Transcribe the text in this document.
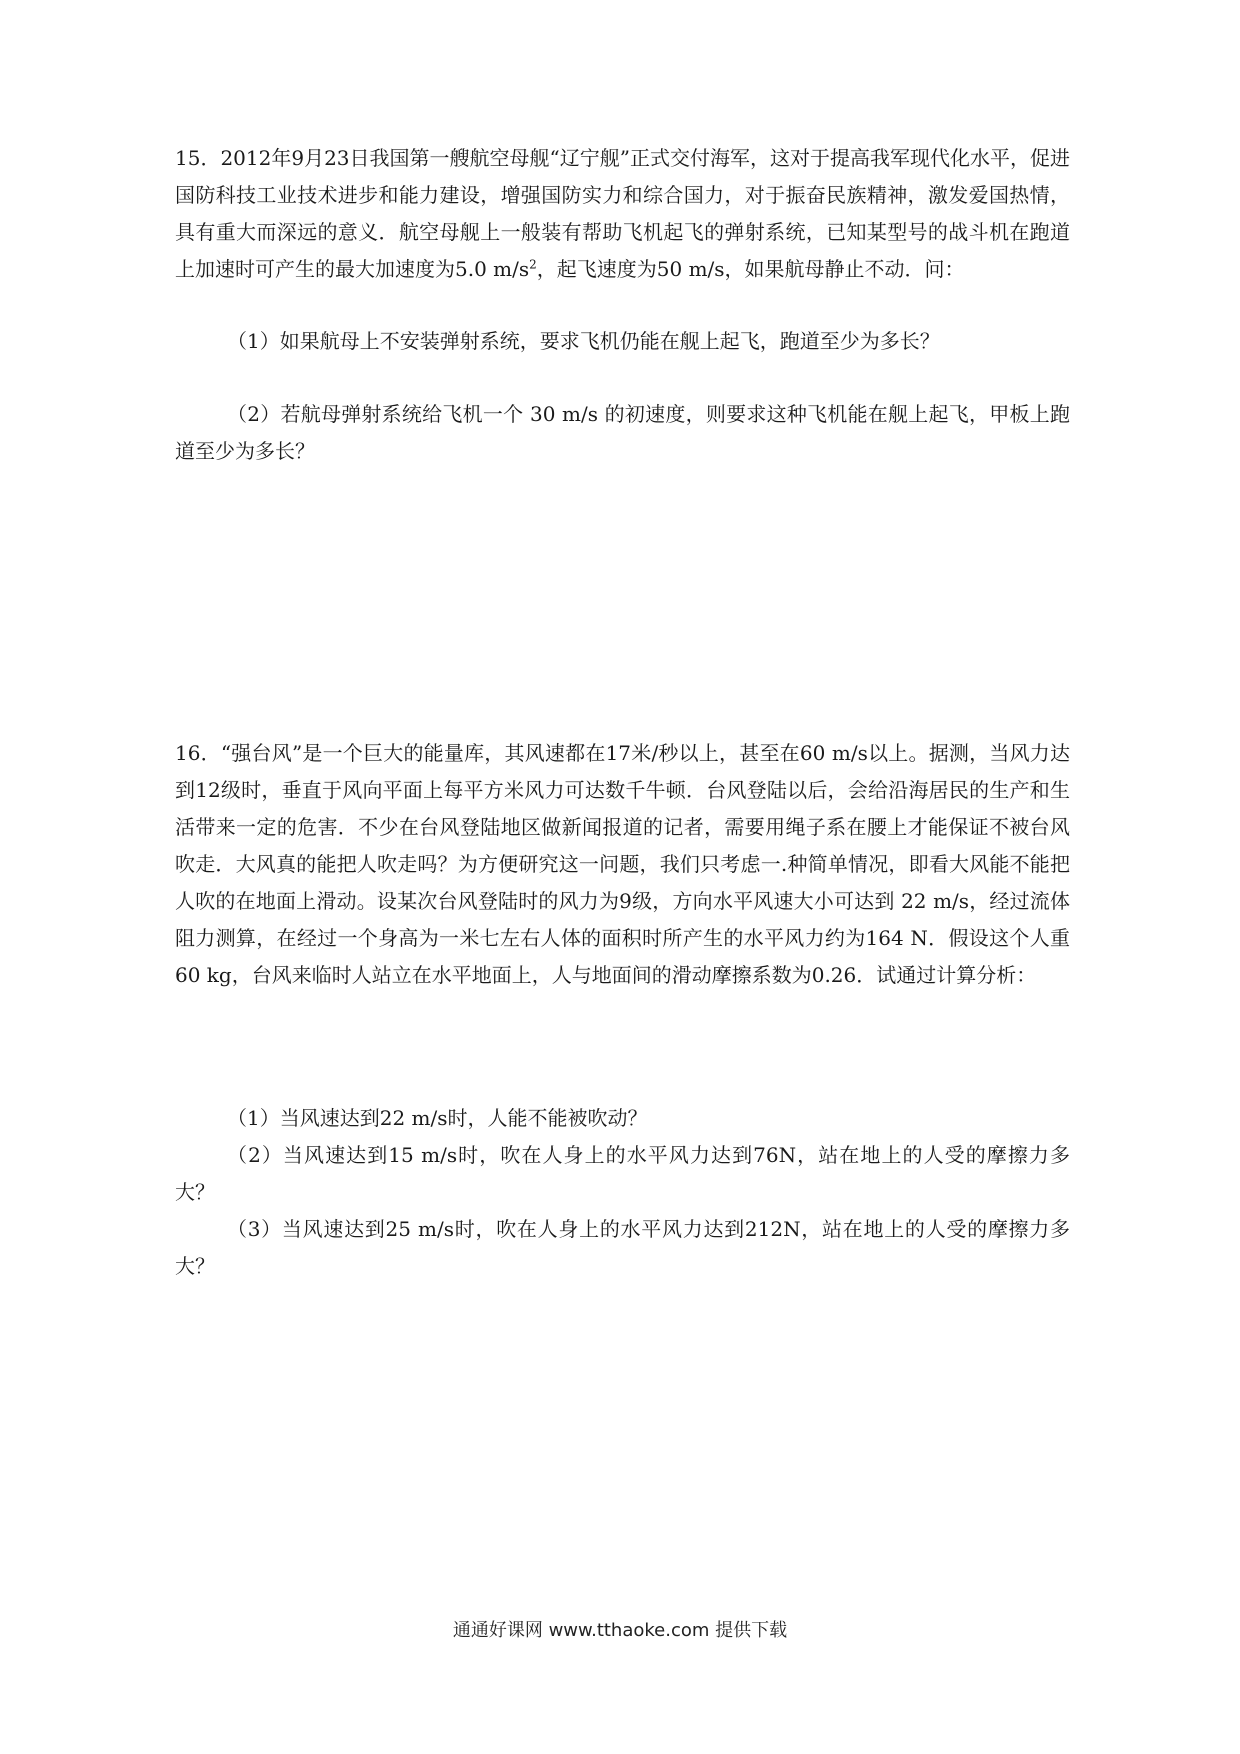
15．2012年9月23日我国第一艘航空母舰“辽宁舰”正式交付海军，这对于提高我军现代化水平，促进国防科技工业技术进步和能力建设，增强国防实力和综合国力，对于振奋民族精神，激发爱国热情，具有重大而深远的意义．航空母舰上一般装有帮助飞机起飞的弹射系统，已知某型号的战斗机在跑道上加速时可产生的最大加速度为5.0 $m/s^2$，起飞速度为50 m/s，如果航母静止不动．问：

（1）如果航母上不安装弹射系统，要求飞机仍能在舰上起飞，跑道至少为多长？

（2）若航母弹射系统给飞机一个 30 m/s 的初速度，则要求这种飞机能在舰上起飞，甲板上跑道至少为多长？

16．“强台风”是一个巨大的能量库，其风速都在17米/秒以上，甚至在60 m/s以上。据测，当风力达到12级时，垂直于风向平面上每平方米风力可达数千牛顿．台风登陆以后，会给沿海居民的生产和生活带来一定的危害．不少在台风登陆地区做新闻报道的记者，需要用绳子系在腰上才能保证不被台风吹走．大风真的能把人吹走吗？为方便研究这一问题，我们只考虑一.种简单情况，即看大风能不能把人吹的在地面上滑动。设某次台风登陆时的风力为9级，方向水平风速大小可达到 22 m/s，经过流体阻力测算，在经过一个身高为一米七左右人体的面积时所产生的水平风力约为164 N．假设这个人重60 kg，台风来临时人站立在水平地面上，人与地面间的滑动摩擦系数为0.26．试通过计算分析：

（1）当风速达到22 m/s时，人能不能被吹动？

（2）当风速达到15 m/s时，吹在人身上的水平风力达到76N，站在地上的人受的摩擦力多大？

（3）当风速达到25 m/s时，吹在人身上的水平风力达到212N，站在地上的人受的摩擦力多大？

通通好课网 www.tthaoke.com 提供下载
